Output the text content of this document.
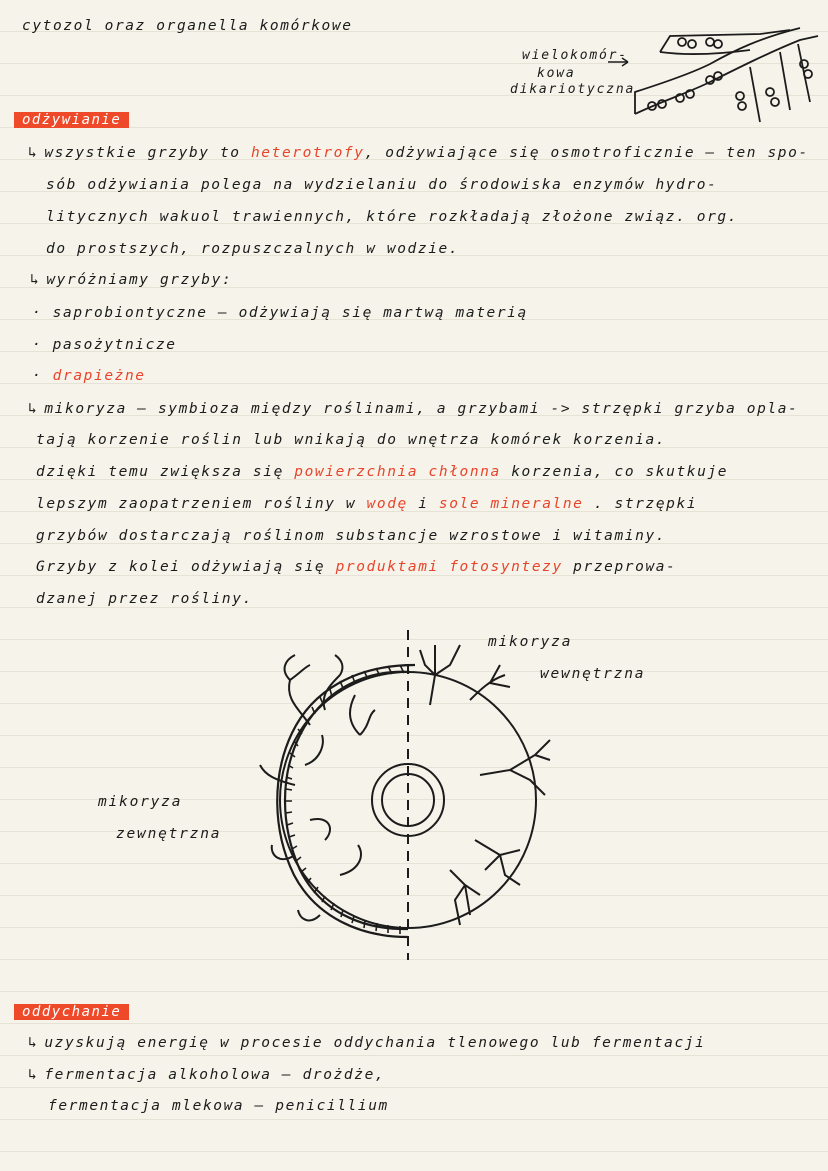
cytozol oraz organella komórkowe
wielokomór-
kowa
dikariotyczna
odżywianie
↳ wszystkie grzyby to heterotrofy, odżywiające się osmotroficznie – ten spo-
sób odżywiania polega na wydzielaniu do środowiska enzymów hydro-
litycznych wakuol trawiennych, które rozkładają złożone związ. org.
do prostszych, rozpuszczalnych w wodzie.
↳ wyróżniamy grzyby:
· saprobiontyczne – odżywiają się martwą materią
· pasożytnicze
· drapieżne
↳ mikoryza – symbioza między roślinami, a grzybami -> strzępki grzyba opla-
tają korzenie roślin lub wnikają do wnętrza komórek korzenia.
dzięki temu zwiększa się powierzchnia chłonna korzenia, co skutkuje
lepszym zaopatrzeniem rośliny w wodę i sole mineralne . strzępki
grzybów dostarczają roślinom substancje wzrostowe i witaminy.
Grzyby z kolei odżywiają się produktami fotosyntezy przeprowa-
dzanej przez rośliny.
mikoryza
wewnętrzna
mikoryza
zewnętrzna
oddychanie
↳ uzyskują energię w procesie oddychania tlenowego lub fermentacji
↳ fermentacja alkoholowa – drożdże,
fermentacja mlekowa – penicillium
